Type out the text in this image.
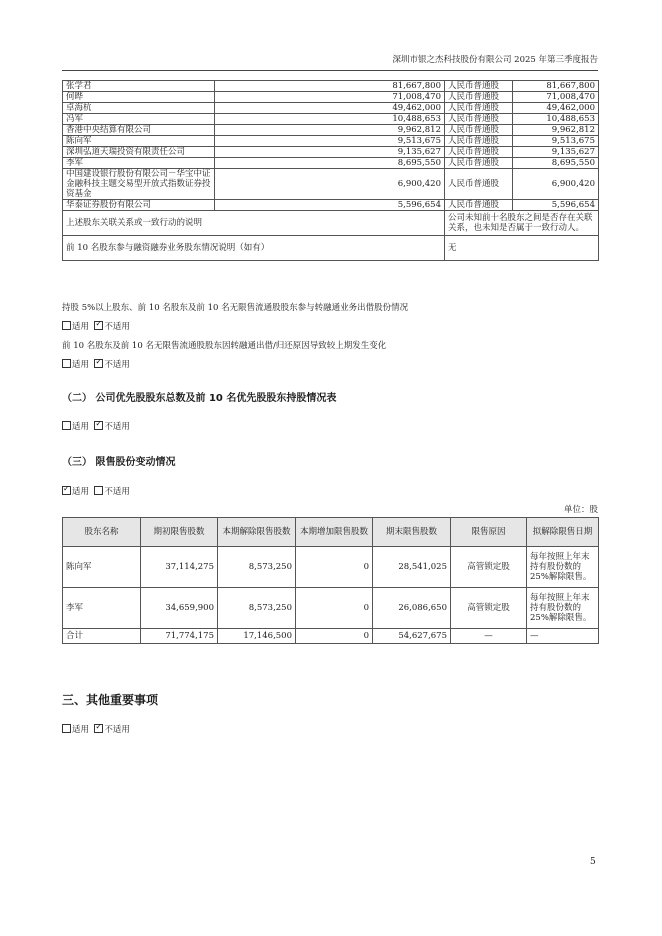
深圳市银之杰科技股份有限公司 2025 年第三季度报告
张学君	81,667,800	人民币普通股	81,667,800
何晔	71,008,470	人民币普通股	71,008,470
卓海杭	49,462,000	人民币普通股	49,462,000
冯军	10,488,653	人民币普通股	10,488,653
香港中央结算有限公司	9,962,812	人民币普通股	9,962,812
陈向军	9,513,675	人民币普通股	9,513,675
深圳弘道天瑞投资有限责任公司	9,135,627	人民币普通股	9,135,627
李军	8,695,550	人民币普通股	8,695,550
中国建设银行股份有限公司－华宝中证金融科技主题交易型开放式指数证券投资基金	6,900,420	人民币普通股	6,900,420
华泰证券股份有限公司	5,596,654	人民币普通股	5,596,654
上述股东关联关系或一致行动的说明		公司未知前十名股东之间是否存在关联关系，也未知是否属于一致行动人。	
前 10 名股东参与融资融券业务股东情况说明（如有）		无	
持股 5%以上股东、前 10 名股东及前 10 名无限售流通股股东参与转融通业务出借股份情况
适用 ✓ 不适用
前 10 名股东及前 10 名无限售流通股股东因转融通出借/归还原因导致较上期发生变化
适用 ✓ 不适用
（二） 公司优先股股东总数及前 10 名优先股股东持股情况表
适用 ✓ 不适用
（三） 限售股份变动情况
✓适用 不适用
单位：股
股东名称	期初限售股数	本期解除限售股数	本期增加限售股数	期末限售股数	限售原因	拟解除限售日期
陈向军	37,114,275	8,573,250	0	28,541,025	高管锁定股	每年按照上年末持有股份数的 25%解除限售。
李军	34,659,900	8,573,250	0	26,086,650	高管锁定股	每年按照上年末持有股份数的 25%解除限售。
合计	71,774,175	17,146,500	0	54,627,675	—	—
三、其他重要事项
适用 ✓ 不适用
5
